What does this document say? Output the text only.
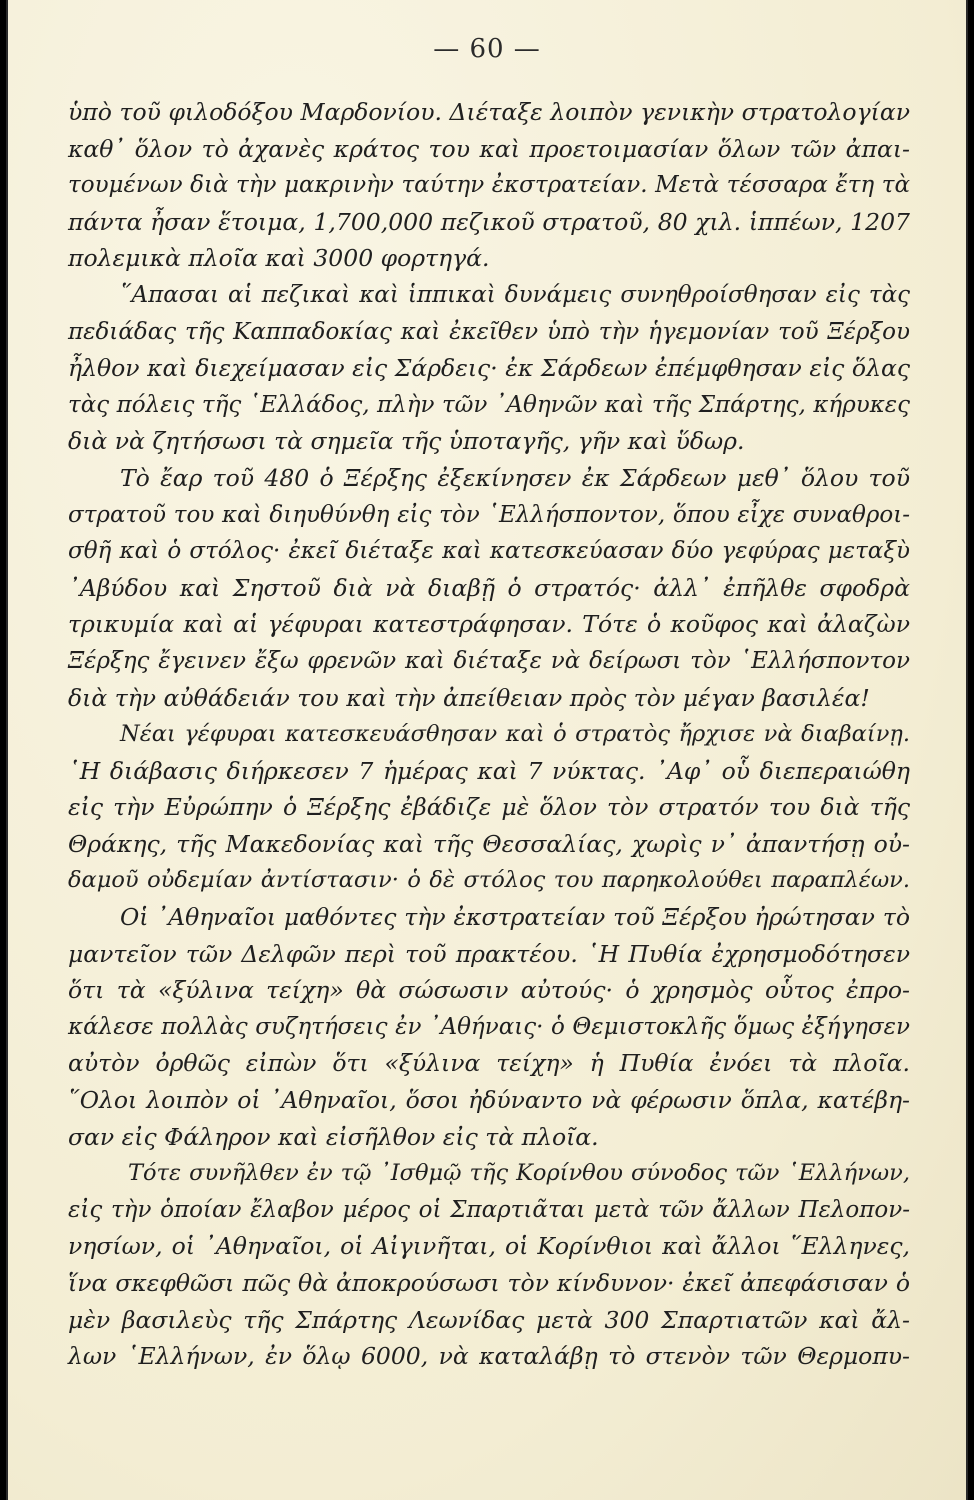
— 60 —
ὑπὸ τοῦ φιλοδόξου Μαρδονίου. Διέταξε λοιπὸν γενικὴν στρατολογίαν
καθ᾿ ὅλον τὸ ἀχανὲς κράτος του καὶ προετοιμασίαν ὅλων τῶν ἀπαι-
τουμένων διὰ τὴν μακρινὴν ταύτην ἐκστρατείαν. Μετὰ τέσσαρα ἔτη τὰ
πάντα ἦσαν ἕτοιμα, 1,700,000 πεζικοῦ στρατοῦ, 80 χιλ. ἱππέων, 1207
πολεμικὰ πλοῖα καὶ 3000 φορτηγά.
῞Απασαι αἱ πεζικαὶ καὶ ἱππικαὶ δυνάμεις συνηθροίσθησαν εἰς τὰς
πεδιάδας τῆς Καππαδοκίας καὶ ἐκεῖθεν ὑπὸ τὴν ἡγεμονίαν τοῦ Ξέρξου
ἦλθον καὶ διεχείμασαν εἰς Σάρδεις· ἐκ Σάρδεων ἐπέμφθησαν εἰς ὅλας
τὰς πόλεις τῆς ῾Ελλάδος, πλὴν τῶν ᾿Αθηνῶν καὶ τῆς Σπάρτης, κήρυκες
διὰ νὰ ζητήσωσι τὰ σημεῖα τῆς ὑποταγῆς, γῆν καὶ ὕδωρ.
Τὸ ἔαρ τοῦ 480 ὁ Ξέρξης ἐξεκίνησεν ἐκ Σάρδεων μεθ᾿ ὅλου τοῦ
στρατοῦ του καὶ διηυθύνθη εἰς τὸν ῾Ελλήσποντον, ὅπου εἶχε συναθροι-
σθῆ καὶ ὁ στόλος· ἐκεῖ διέταξε καὶ κατεσκεύασαν δύο γεφύρας μεταξὺ
᾿Αβύδου καὶ Σηστοῦ διὰ νὰ διαβῇ ὁ στρατός· ἀλλ᾿ ἐπῆλθε σφοδρὰ
τρικυμία καὶ αἱ γέφυραι κατεστράφησαν. Τότε ὁ κοῦφος καὶ ἀλαζὼν
Ξέρξης ἔγεινεν ἔξω φρενῶν καὶ διέταξε νὰ δείρωσι τὸν ῾Ελλήσποντον
διὰ τὴν αὐθάδειάν του καὶ τὴν ἀπείθειαν πρὸς τὸν μέγαν βασιλέα!
Νέαι γέφυραι κατεσκευάσθησαν καὶ ὁ στρατὸς ἤρχισε νὰ διαβαίνῃ.
῾Η διάβασις διήρκεσεν 7 ἡμέρας καὶ 7 νύκτας. ᾿Αφ᾿ οὗ διεπεραιώθη
εἰς τὴν Εὐρώπην ὁ Ξέρξης ἐβάδιζε μὲ ὅλον τὸν στρατόν του διὰ τῆς
Θράκης, τῆς Μακεδονίας καὶ τῆς Θεσσαλίας, χωρὶς ν᾿ ἀπαντήσῃ οὐ-
δαμοῦ οὐδεμίαν ἀντίστασιν· ὁ δὲ στόλος του παρηκολούθει παραπλέων.
Οἱ ᾿Αθηναῖοι μαθόντες τὴν ἐκστρατείαν τοῦ Ξέρξου ἠρώτησαν τὸ
μαντεῖον τῶν Δελφῶν περὶ τοῦ πρακτέου. ῾Η Πυθία ἐχρησμοδότησεν
ὅτι τὰ «ξύλινα τείχη» θὰ σώσωσιν αὐτούς· ὁ χρησμὸς οὗτος ἐπρο-
κάλεσε πολλὰς συζητήσεις ἐν ᾿Αθήναις· ὁ Θεμιστοκλῆς ὅμως ἐξήγησεν
αὐτὸν ὀρθῶς εἰπὼν ὅτι «ξύλινα τείχη» ἡ Πυθία ἐνόει τὰ πλοῖα.
῞Ολοι λοιπὸν οἱ ᾿Αθηναῖοι, ὅσοι ἠδύναντο νὰ φέρωσιν ὅπλα, κατέβη-
σαν εἰς Φάληρον καὶ εἰσῆλθον εἰς τὰ πλοῖα.
Τότε συνῆλθεν ἐν τῷ ᾿Ισθμῷ τῆς Κορίνθου σύνοδος τῶν ῾Ελλήνων,
εἰς τὴν ὁποίαν ἔλαβον μέρος οἱ Σπαρτιᾶται μετὰ τῶν ἄλλων Πελοπον-
νησίων, οἱ ᾿Αθηναῖοι, οἱ Αἰγινῆται, οἱ Κορίνθιοι καὶ ἄλλοι ῞Ελληνες,
ἵνα σκεφθῶσι πῶς θὰ ἀποκρούσωσι τὸν κίνδυνον· ἐκεῖ ἀπεφάσισαν ὁ
μὲν βασιλεὺς τῆς Σπάρτης Λεωνίδας μετὰ 300 Σπαρτιατῶν καὶ ἄλ-
λων ῾Ελλήνων, ἐν ὅλῳ 6000, νὰ καταλάβῃ τὸ στενὸν τῶν Θερμοπυ-
